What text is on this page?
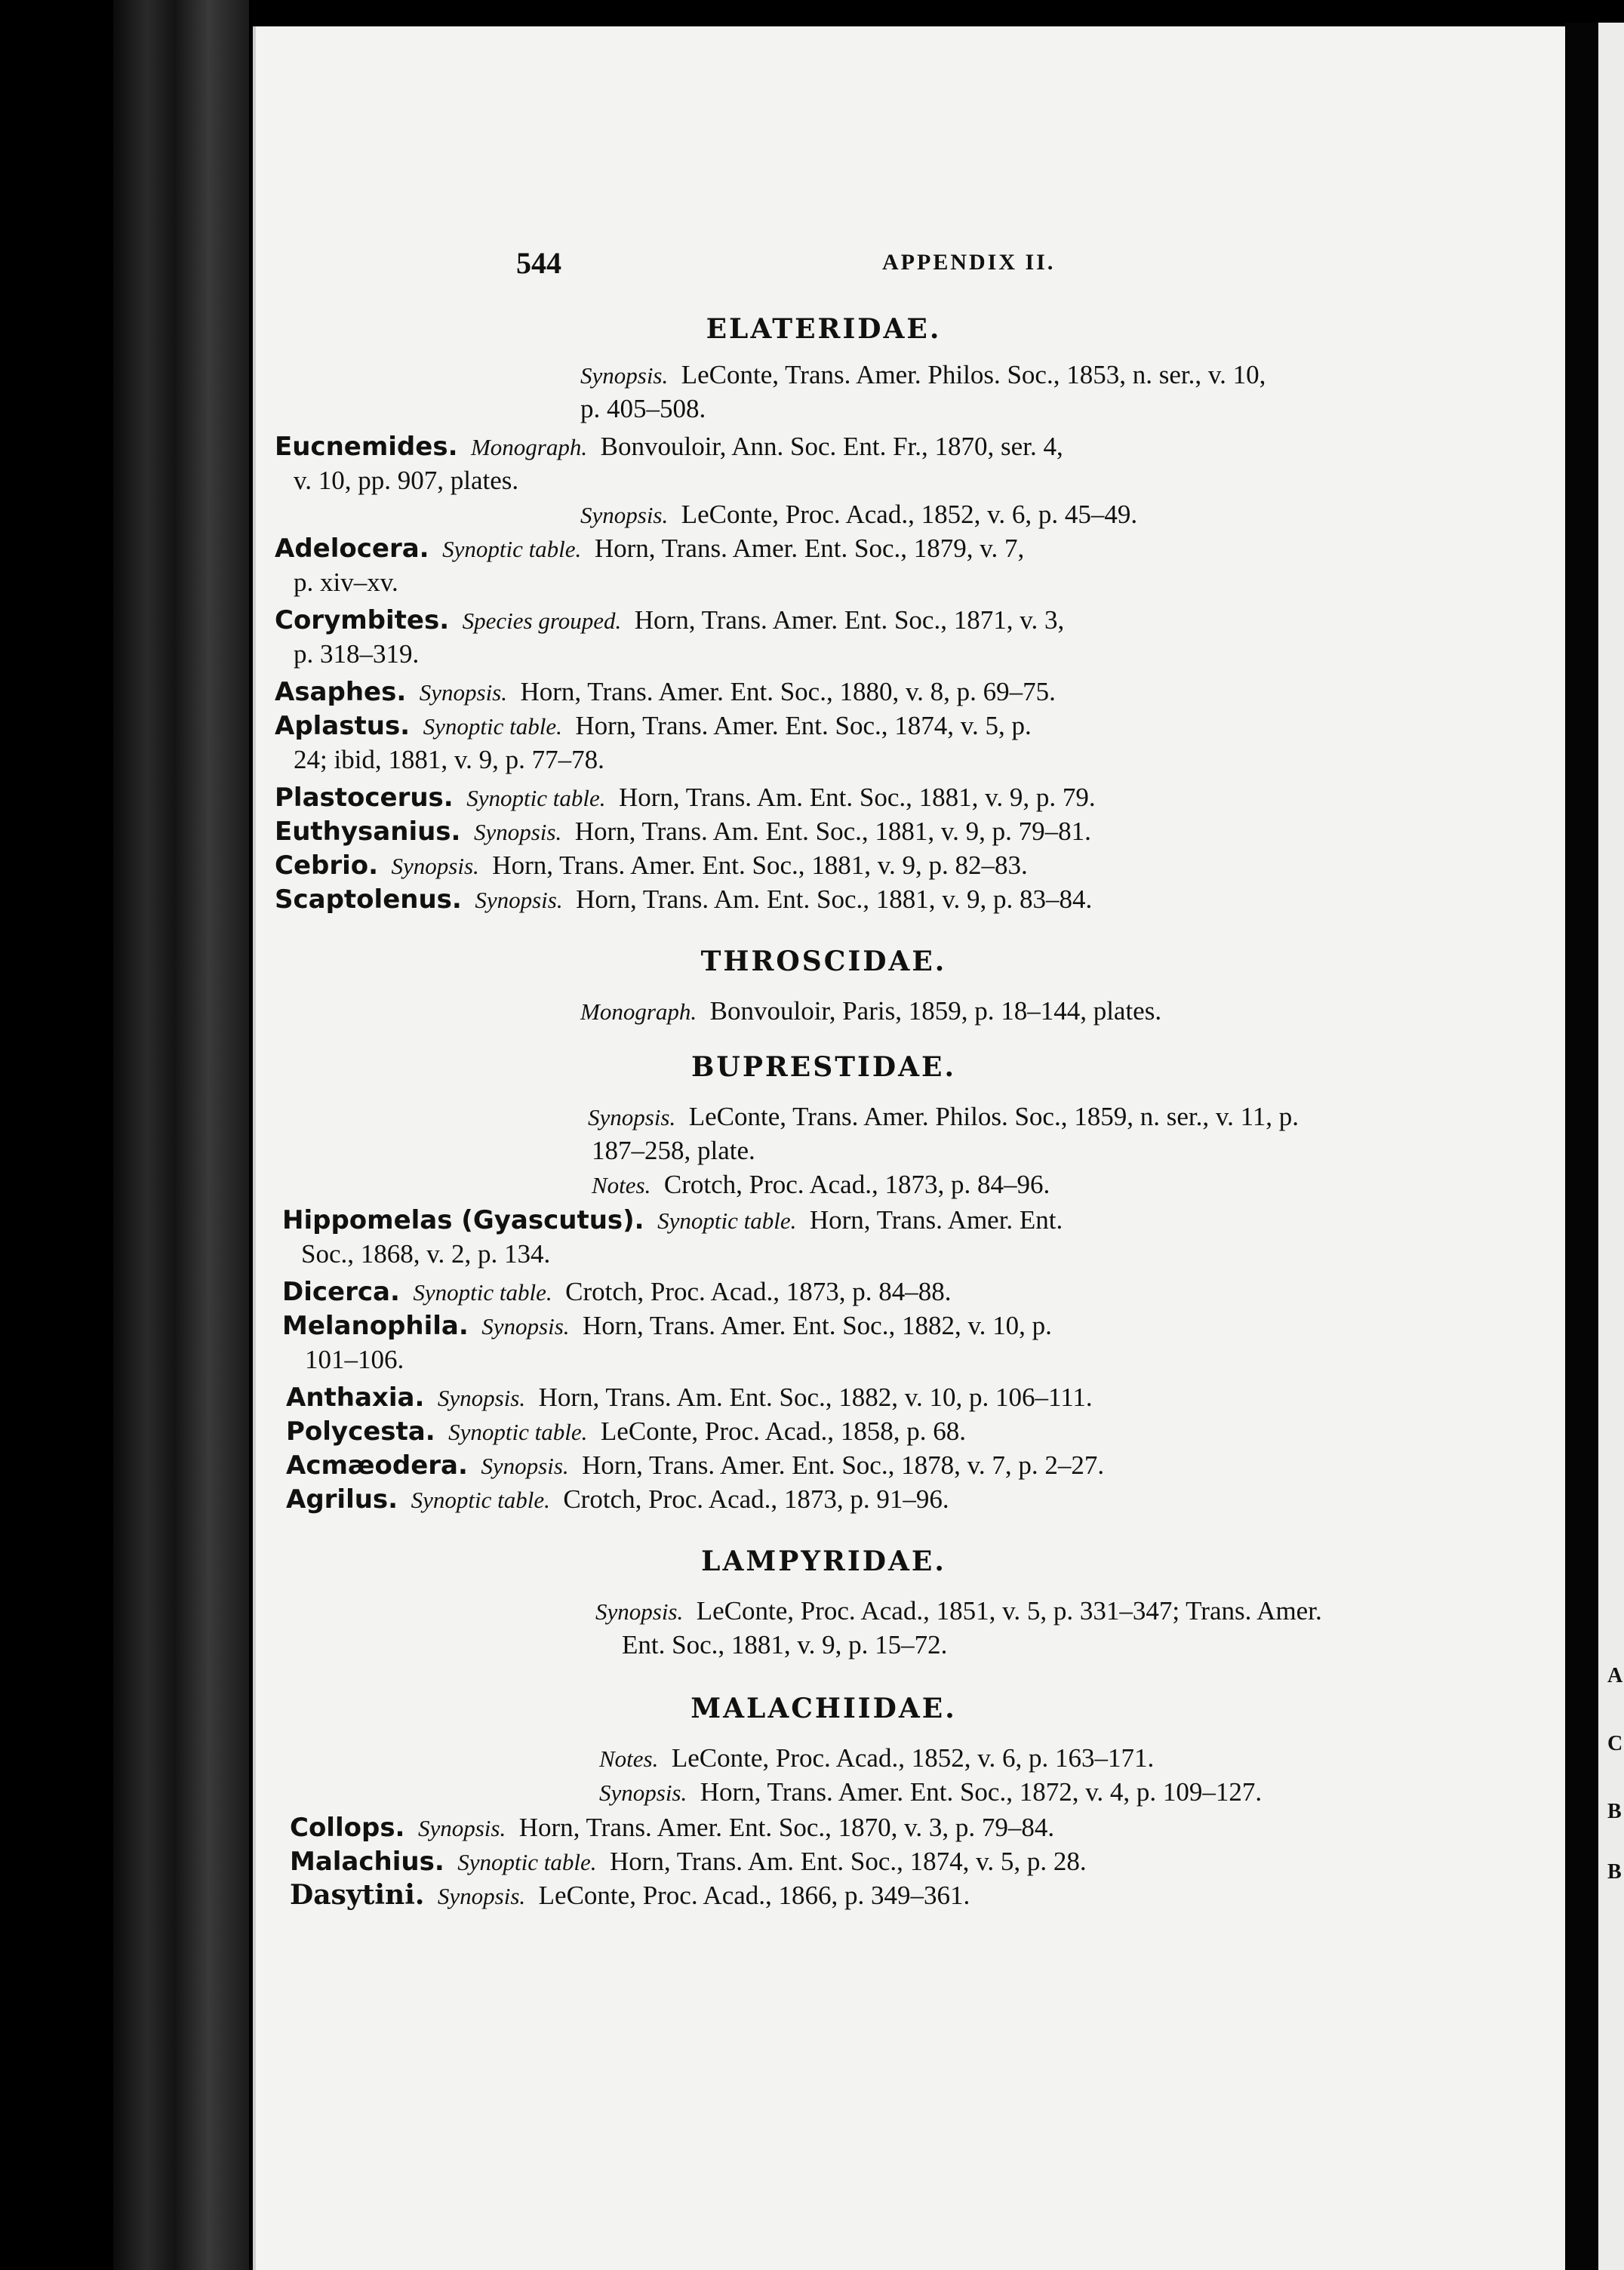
A
C
B
B
544	APPENDIX II.
ELATERIDAE.
Synopsis. LeConte, Trans. Amer. Philos. Soc., 1853, n. ser., v. 10,
p. 405–508.
Eucnemides. Monograph. Bonvouloir, Ann. Soc. Ent. Fr., 1870, ser. 4,
v. 10, pp. 907, plates.
Synopsis. LeConte, Proc. Acad., 1852, v. 6, p. 45–49.
Adelocera. Synoptic table. Horn, Trans. Amer. Ent. Soc., 1879, v. 7,
p. xiv–xv.
Corymbites. Species grouped. Horn, Trans. Amer. Ent. Soc., 1871, v. 3,
p. 318–319.
Asaphes. Synopsis. Horn, Trans. Amer. Ent. Soc., 1880, v. 8, p. 69–75.
Aplastus. Synoptic table. Horn, Trans. Amer. Ent. Soc., 1874, v. 5, p.
24; ibid, 1881, v. 9, p. 77–78.
Plastocerus. Synoptic table. Horn, Trans. Am. Ent. Soc., 1881, v. 9, p. 79.
Euthysanius. Synopsis. Horn, Trans. Am. Ent. Soc., 1881, v. 9, p. 79–81.
Cebrio. Synopsis. Horn, Trans. Amer. Ent. Soc., 1881, v. 9, p. 82–83.
Scaptolenus. Synopsis. Horn, Trans. Am. Ent. Soc., 1881, v. 9, p. 83–84.
THROSCIDAE.
Monograph. Bonvouloir, Paris, 1859, p. 18–144, plates.
BUPRESTIDAE.
Synopsis. LeConte, Trans. Amer. Philos. Soc., 1859, n. ser., v. 11, p.
187–258, plate.
Notes. Crotch, Proc. Acad., 1873, p. 84–96.
Hippomelas (Gyascutus). Synoptic table. Horn, Trans. Amer. Ent.
Soc., 1868, v. 2, p. 134.
Dicerca. Synoptic table. Crotch, Proc. Acad., 1873, p. 84–88.
Melanophila. Synopsis. Horn, Trans. Amer. Ent. Soc., 1882, v. 10, p.
101–106.
Anthaxia. Synopsis. Horn, Trans. Am. Ent. Soc., 1882, v. 10, p. 106–111.
Polycesta. Synoptic table. LeConte, Proc. Acad., 1858, p. 68.
Acmæodera. Synopsis. Horn, Trans. Amer. Ent. Soc., 1878, v. 7, p. 2–27.
Agrilus. Synoptic table. Crotch, Proc. Acad., 1873, p. 91–96.
LAMPYRIDAE.
Synopsis. LeConte, Proc. Acad., 1851, v. 5, p. 331–347; Trans. Amer.
Ent. Soc., 1881, v. 9, p. 15–72.
MALACHIIDAE.
Notes. LeConte, Proc. Acad., 1852, v. 6, p. 163–171.
Synopsis. Horn, Trans. Amer. Ent. Soc., 1872, v. 4, p. 109–127.
Collops. Synopsis. Horn, Trans. Amer. Ent. Soc., 1870, v. 3, p. 79–84.
Malachius. Synoptic table. Horn, Trans. Am. Ent. Soc., 1874, v. 5, p. 28.
Dasytini. Synopsis. LeConte, Proc. Acad., 1866, p. 349–361.
